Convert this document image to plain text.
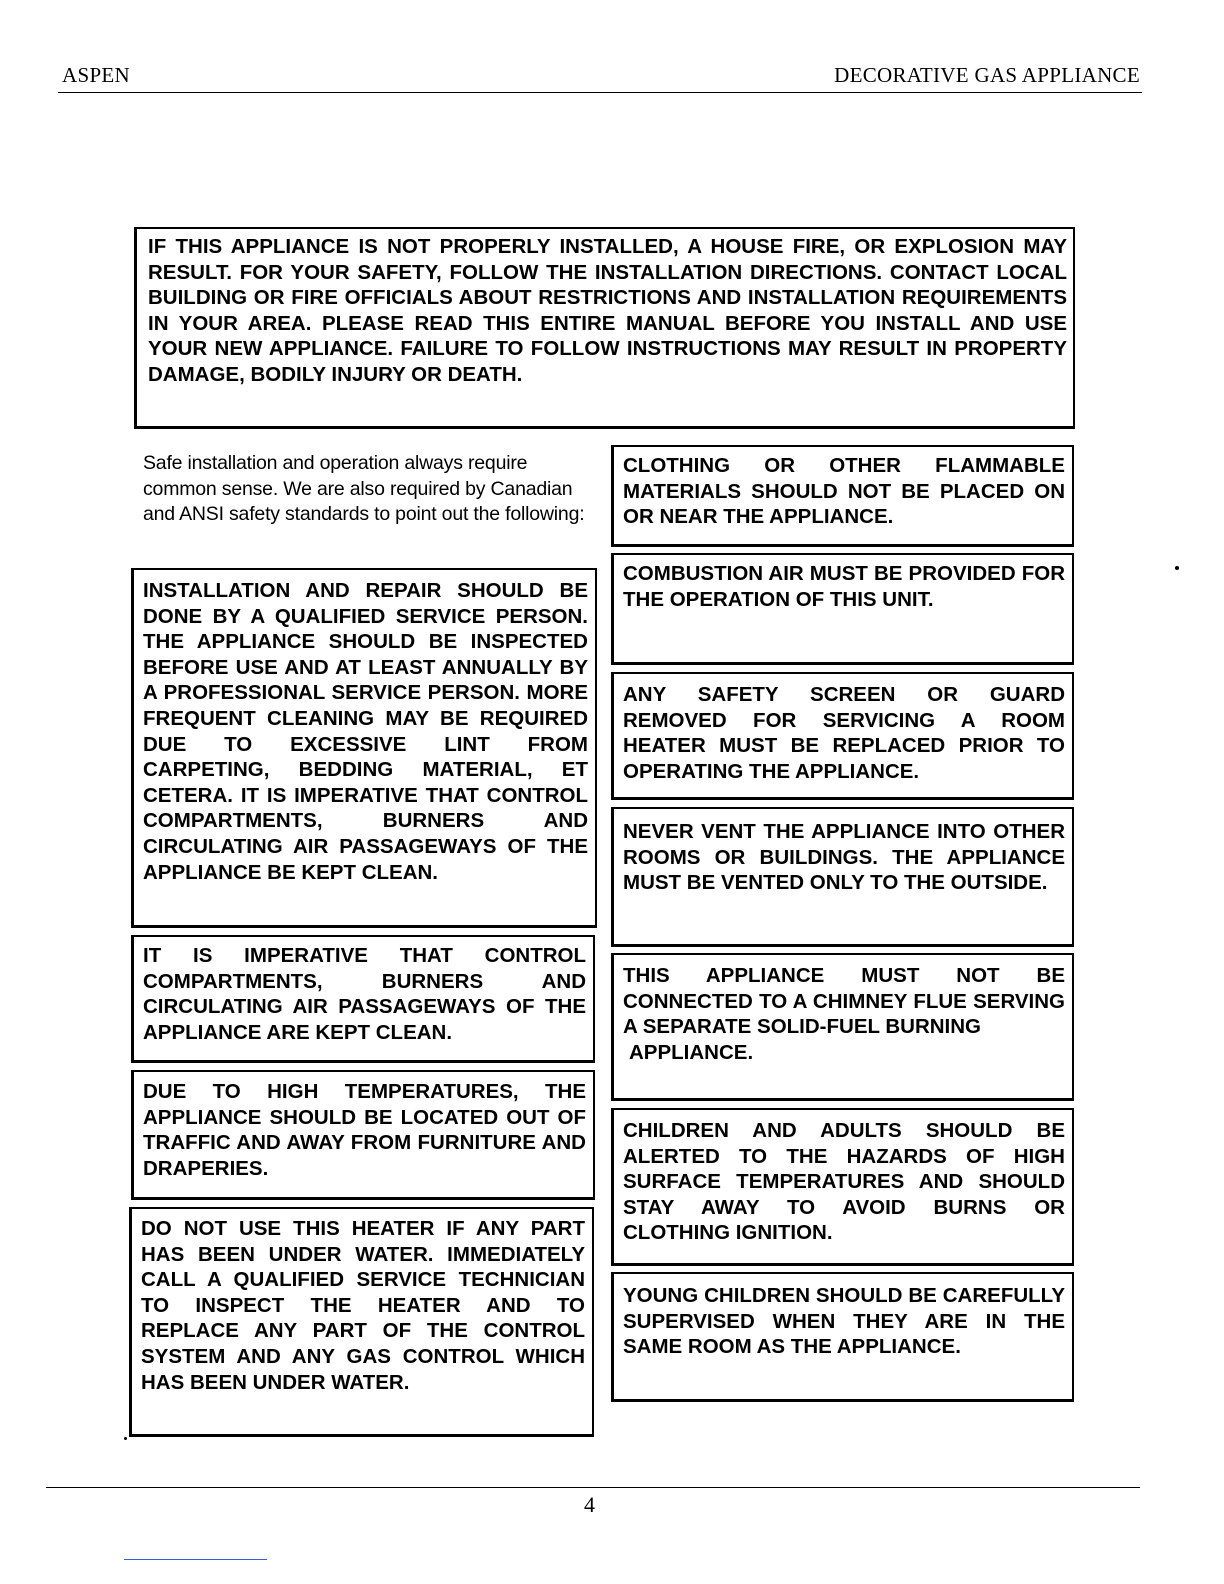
ASPEN	DECORATIVE GAS APPLIANCE
IF THIS APPLIANCE IS NOT PROPERLY INSTALLED, A HOUSE FIRE, OR EXPLOSION MAY RESULT. FOR YOUR SAFETY, FOLLOW THE INSTALLATION DIRECTIONS. CONTACT LOCAL BUILDING OR FIRE OFFICIALS ABOUT RESTRICTIONS AND INSTALLATION REQUIREMENTS IN YOUR AREA. PLEASE READ THIS ENTIRE MANUAL BEFORE YOU INSTALL AND USE YOUR NEW APPLIANCE. FAILURE TO FOLLOW INSTRUCTIONS MAY RESULT IN PROPERTY DAMAGE, BODILY INJURY OR DEATH.
Safe installation and operation always require common sense. We are also required by Canadian and ANSI safety standards to point out the following:
INSTALLATION AND REPAIR SHOULD BE DONE BY A QUALIFIED SERVICE PERSON. THE APPLIANCE SHOULD BE INSPECTED BEFORE USE AND AT LEAST ANNUALLY BY A PROFESSIONAL SERVICE PERSON. MORE FREQUENT CLEANING MAY BE REQUIRED DUE TO EXCESSIVE LINT FROM CARPETING, BEDDING MATERIAL, ET CETERA. IT IS IMPERATIVE THAT CONTROL COMPARTMENTS, BURNERS AND CIRCULATING AIR PASSAGEWAYS OF THE APPLIANCE BE KEPT CLEAN.
IT IS IMPERATIVE THAT CONTROL COMPARTMENTS, BURNERS AND CIRCULATING AIR PASSAGEWAYS OF THE APPLIANCE ARE KEPT CLEAN.
DUE TO HIGH TEMPERATURES, THE APPLIANCE SHOULD BE LOCATED OUT OF TRAFFIC AND AWAY FROM FURNITURE AND DRAPERIES.
DO NOT USE THIS HEATER IF ANY PART HAS BEEN UNDER WATER. IMMEDIATELY CALL A QUALIFIED SERVICE TECHNICIAN TO INSPECT THE HEATER AND TO REPLACE ANY PART OF THE CONTROL SYSTEM AND ANY GAS CONTROL WHICH HAS BEEN UNDER WATER.
CLOTHING OR OTHER FLAMMABLE MATERIALS SHOULD NOT BE PLACED ON OR NEAR THE APPLIANCE.
COMBUSTION AIR MUST BE PROVIDED FOR THE OPERATION OF THIS UNIT.
ANY SAFETY SCREEN OR GUARD REMOVED FOR SERVICING A ROOM HEATER MUST BE REPLACED PRIOR TO OPERATING THE APPLIANCE.
NEVER VENT THE APPLIANCE INTO OTHER ROOMS OR BUILDINGS. THE APPLIANCE MUST BE VENTED ONLY TO THE OUTSIDE.
THIS APPLIANCE MUST NOT BE CONNECTED TO A CHIMNEY FLUE SERVING A SEPARATE SOLID-FUEL BURNING
APPLIANCE.
CHILDREN AND ADULTS SHOULD BE ALERTED TO THE HAZARDS OF HIGH SURFACE TEMPERATURES AND SHOULD STAY AWAY TO AVOID BURNS OR CLOTHING IGNITION.
YOUNG CHILDREN SHOULD BE CAREFULLY SUPERVISED WHEN THEY ARE IN THE SAME ROOM AS THE APPLIANCE.
4
